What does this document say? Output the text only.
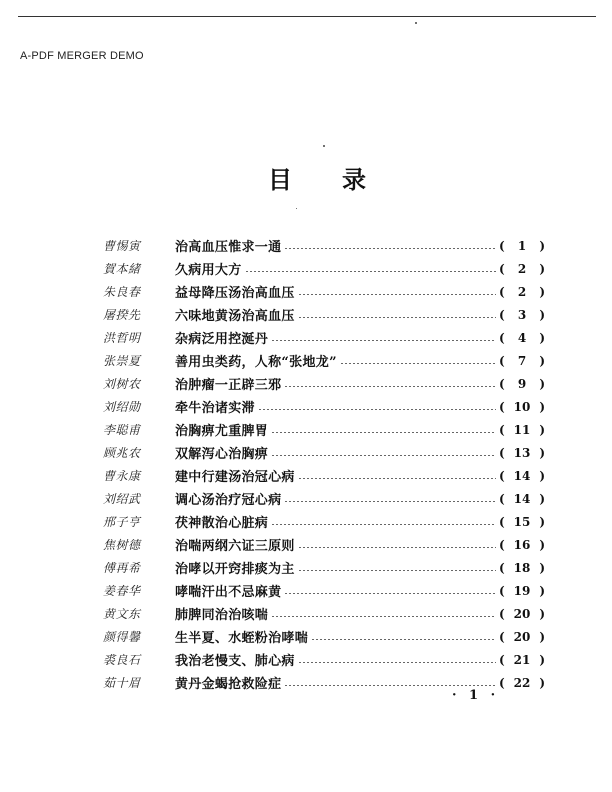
A-PDF MERGER DEMO
目 录
曹惕寅	治高血压惟求一通	(	1	)
賀本緒	久病用大方	(	2	)
朱良春	益母降压汤治高血压	(	2	)
屠揆先	六味地黄汤治高血压	(	3	)
洪哲明	杂病泛用控涎丹	(	4	)
张崇夏	善用虫类药，人称“张地龙”	(	7	)
刘树农	治肿瘤一正辟三邪	(	9	)
刘绍勋	牵牛治诸实滞	( 10 )
李聪甫	治胸痹尤重脾胃	( 11 )
顾兆农	双解泻心治胸痹	( 13 )
曹永康	建中行建汤治冠心病	( 14 )
刘绍武	调心汤治疗冠心病	( 14 )
邢子亨	茯神散治心脏病	( 15 )
焦树德	治喘两纲六证三原则	( 16 )
傅再希	治哮以开窍排痰为主	( 18 )
姜春华	哮喘汗出不忌麻黄	( 19 )
黄文东	肺脾同治治咳喘	( 20 )
颜得馨	生半夏、水蛭粉治哮喘	( 20 )
裘良石	我治老慢支、肺心病	( 21 )
茹十眉	黄丹金蝎抢救险症	( 22 )
· 1 ·
